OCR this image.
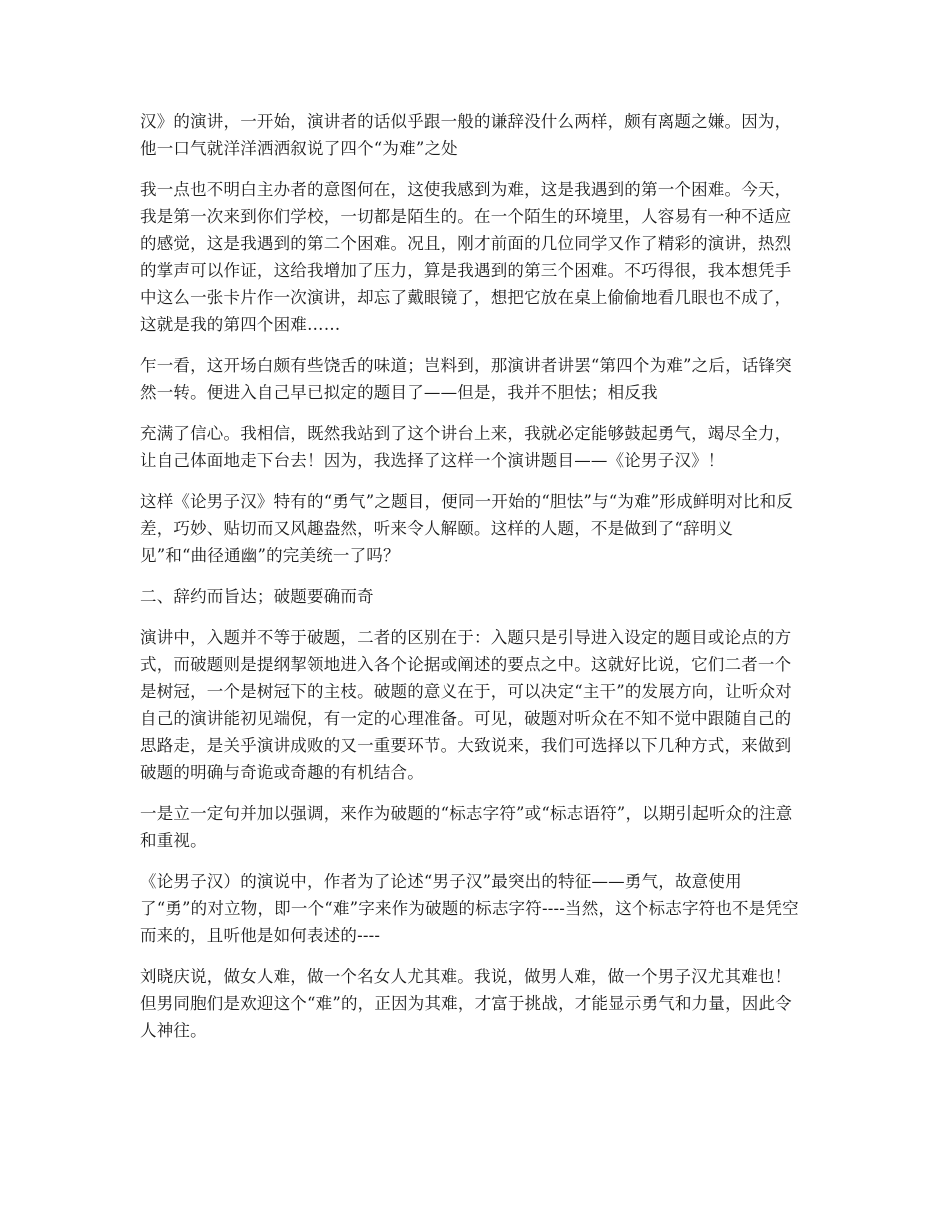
汉》的演讲，一开始，演讲者的话似乎跟一般的谦辞没什么两样，颇有离题之嫌。因为，
他一口气就洋洋洒洒叙说了四个“为难”之处

我一点也不明白主办者的意图何在，这使我感到为难，这是我遇到的第一个困难。今天，
我是第一次来到你们学校，一切都是陌生的。在一个陌生的环境里，人容易有一种不适应
的感觉，这是我遇到的第二个困难。况且，刚才前面的几位同学又作了精彩的演讲，热烈
的掌声可以作证，这给我增加了压力，算是我遇到的第三个困难。不巧得很，我本想凭手
中这么一张卡片作一次演讲，却忘了戴眼镜了，想把它放在桌上偷偷地看几眼也不成了，
这就是我的第四个困难……

乍一看，这开场白颇有些饶舌的味道；岂料到，那演讲者讲罢“第四个为难”之后，话锋突
然一转。便进入自己早已拟定的题目了——但是，我并不胆怯；相反我

充满了信心。我相信，既然我站到了这个讲台上来，我就必定能够鼓起勇气，竭尽全力，
让自己体面地走下台去！因为，我选择了这样一个演讲题目——《论男子汉》！

这样《论男子汉》特有的“勇气”之题目，便同一开始的“胆怯”与“为难”形成鲜明对比和反
差，巧妙、贴切而又风趣盎然，听来令人解颐。这样的人题，不是做到了“辞明义
见”和“曲径通幽”的完美统一了吗？

二、辞约而旨达；破题要确而奇

演讲中，入题并不等于破题，二者的区别在于：入题只是引导进入设定的题目或论点的方
式，而破题则是提纲挈领地进入各个论据或阐述的要点之中。这就好比说，它们二者一个
是树冠，一个是树冠下的主枝。破题的意义在于，可以决定“主干”的发展方向，让听众对
自己的演讲能初见端倪，有一定的心理准备。可见，破题对听众在不知不觉中跟随自己的
思路走，是关乎演讲成败的又一重要环节。大致说来，我们可选择以下几种方式，来做到
破题的明确与奇诡或奇趣的有机结合。

一是立一定句并加以强调，来作为破题的“标志字符”或“标志语符”，以期引起听众的注意
和重视。

《论男子汉）的演说中，作者为了论述“男子汉”最突出的特征——勇气，故意使用
了“勇”的对立物，即一个“难”字来作为破题的标志字符----当然，这个标志字符也不是凭空
而来的，且听他是如何表述的----

刘晓庆说，做女人难，做一个名女人尤其难。我说，做男人难，做一个男子汉尤其难也！
但男同胞们是欢迎这个“难”的，正因为其难，才富于挑战，才能显示勇气和力量，因此令
人神往。
